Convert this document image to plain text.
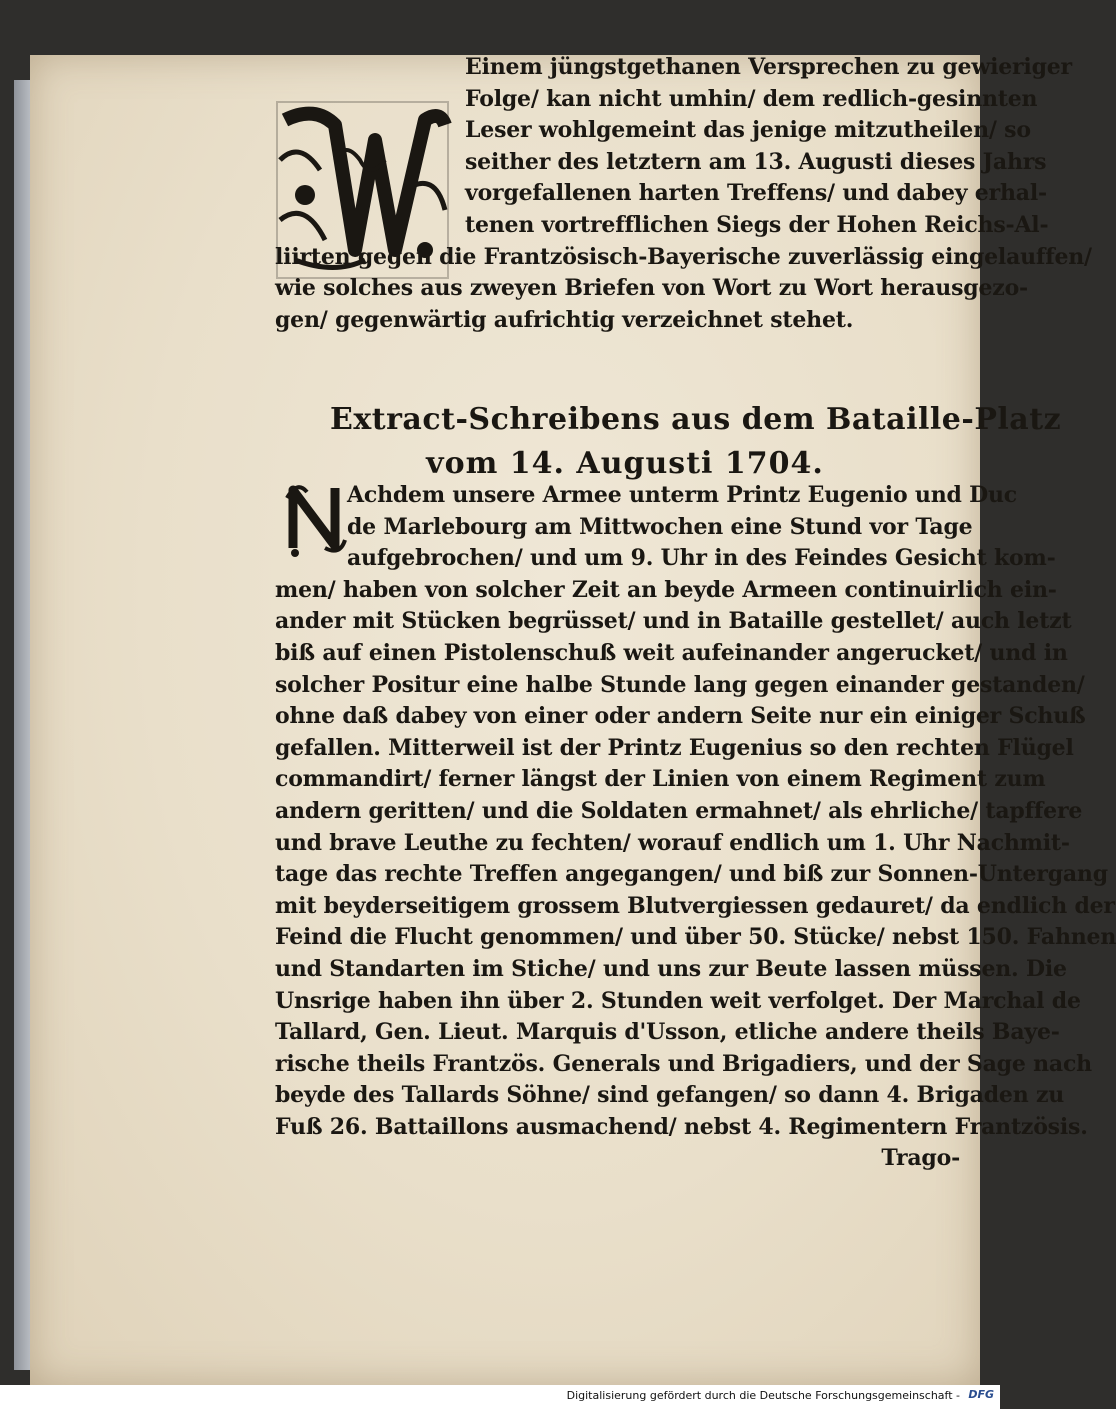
Einem jüngstgethanen Versprechen zu gewieriger
Folge/ kan nicht umhin/ dem redlich-gesinnten
Leser wohlgemeint das jenige mitzutheilen/ so
seither des letztern am 13. Augusti dieses Jahrs
vorgefallenen harten Treffens/ und dabey erhal-
tenen vortrefflichen Siegs der Hohen Reichs-Al-
liirten gegen die Frantzösisch-Bayerische zuverlässig eingelauffen/
wie solches aus zweyen Briefen von Wort zu Wort herausgezo-
gen/ gegenwärtig aufrichtig verzeichnet stehet.
Extract-Schreibens aus dem Bataille-Platz
vom 14. Augusti 1704.
Achdem unsere Armee unterm Printz Eugenio und Duc
de Marlebourg am Mittwochen eine Stund vor Tage
aufgebrochen/ und um 9. Uhr in des Feindes Gesicht kom-
men/ haben von solcher Zeit an beyde Armeen continuirlich ein-
ander mit Stücken begrüsset/ und in Bataille gestellet/ auch letzt
biß auf einen Pistolenschuß weit aufeinander angerucket/ und in
solcher Positur eine halbe Stunde lang gegen einander gestanden/
ohne daß dabey von einer oder andern Seite nur ein einiger Schuß
gefallen. Mitterweil ist der Printz Eugenius so den rechten Flügel
commandirt/ ferner längst der Linien von einem Regiment zum
andern geritten/ und die Soldaten ermahnet/ als ehrliche/ tapffere
und brave Leuthe zu fechten/ worauf endlich um 1. Uhr Nachmit-
tage das rechte Treffen angegangen/ und biß zur Sonnen-Untergang
mit beyderseitigem grossem Blutvergiessen gedauret/ da endlich der
Feind die Flucht genommen/ und über 50. Stücke/ nebst 150. Fahnen
und Standarten im Stiche/ und uns zur Beute lassen müssen. Die
Unsrige haben ihn über 2. Stunden weit verfolget. Der Marchal de
Tallard, Gen. Lieut. Marquis d'Usson, etliche andere theils Baye-
rische theils Frantzös. Generals und Brigadiers, und der Sage nach
beyde des Tallards Söhne/ sind gefangen/ so dann 4. Brigaden zu
Fuß 26. Battaillons ausmachend/ nebst 4. Regimentern Frantzösis.
Trago-
Digitalisierung gefördert durch die Deutsche Forschungsgemeinschaft - DFG
